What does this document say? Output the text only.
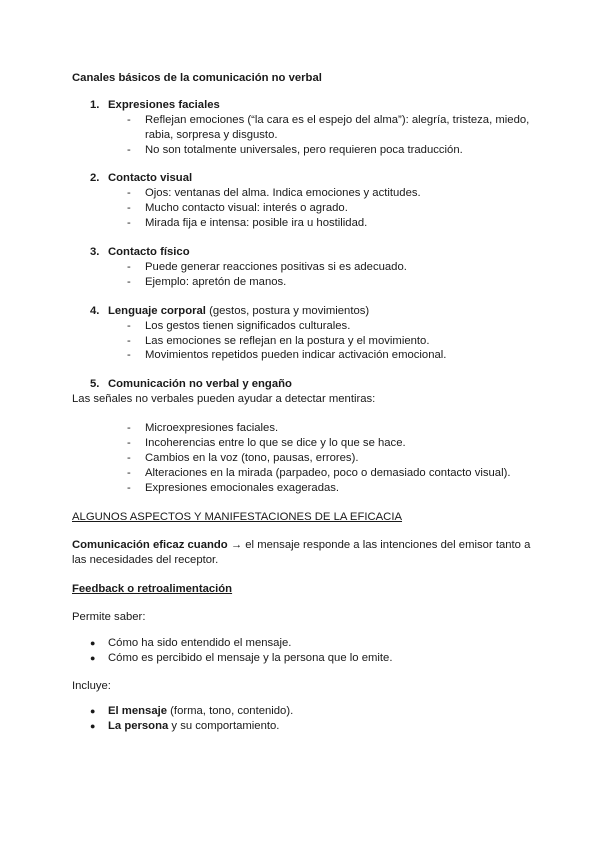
Canales básicos de la comunicación no verbal
1. Expresiones faciales
- Reflejan emociones (“la cara es el espejo del alma”): alegría, tristeza, miedo,
rabia, sorpresa y disgusto.
- No son totalmente universales, pero requieren poca traducción.
2. Contacto visual
- Ojos: ventanas del alma. Indica emociones y actitudes.
- Mucho contacto visual: interés o agrado.
- Mirada fija e intensa: posible ira u hostilidad.
3. Contacto físico
- Puede generar reacciones positivas si es adecuado.
- Ejemplo: apretón de manos.
4. Lenguaje corporal (gestos, postura y movimientos)
- Los gestos tienen significados culturales.
- Las emociones se reflejan en la postura y el movimiento.
- Movimientos repetidos pueden indicar activación emocional.
5. Comunicación no verbal y engaño
Las señales no verbales pueden ayudar a detectar mentiras:
- Microexpresiones faciales.
- Incoherencias entre lo que se dice y lo que se hace.
- Cambios en la voz (tono, pausas, errores).
- Alteraciones en la mirada (parpadeo, poco o demasiado contacto visual).
- Expresiones emocionales exageradas.
ALGUNOS ASPECTOS Y MANIFESTACIONES DE LA EFICACIA
Comunicación eficaz cuando → el mensaje responde a las intenciones del emisor tanto a
las necesidades del receptor.
Feedback o retroalimentación
Permite saber:
● Cómo ha sido entendido el mensaje.
● Cómo es percibido el mensaje y la persona que lo emite.
Incluye:
● El mensaje (forma, tono, contenido).
● La persona y su comportamiento.
